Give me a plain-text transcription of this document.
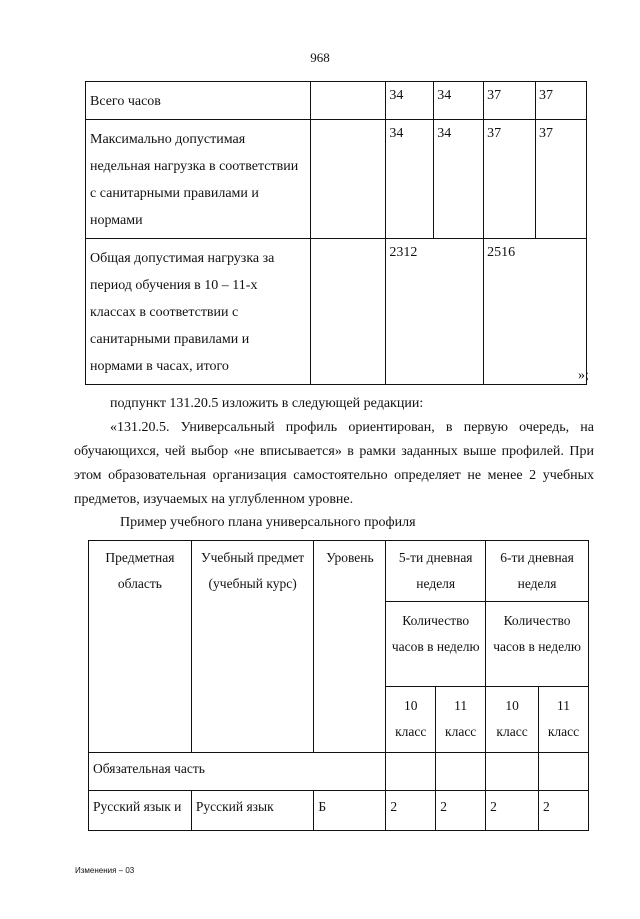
968
Всего часов		34	34	37	37
Максимально допустимая недельная нагрузка в соответствии с санитарными правилами и нормами		34	34	37	37
Общая допустимая нагрузка за период обучения в 10 – 11-х классах в соответствии с санитарными правилами и нормами в часах, итого		2312		2516	
»;
подпункт 131.20.5 изложить в следующей редакции:
«131.20.5. Универсальный профиль ориентирован, в первую очередь, на обучающихся, чей выбор «не вписывается» в рамки заданных выше профилей. При этом образовательная организация самостоятельно определяет не менее 2 учебных предметов, изучаемых на углубленном уровне.
Пример учебного плана универсального профиля
Предметная область	Учебный предмет (учебный курс)	Уровень	5-ти дневная неделя		6-ти дневная неделя	
			Количество часов в неделю		Количество часов в неделю	
			10 класс	11 класс	10 класс	11 класс
Обязательная часть						
Русский язык и	Русский язык	Б	2	2	2	2
Изменения – 03
